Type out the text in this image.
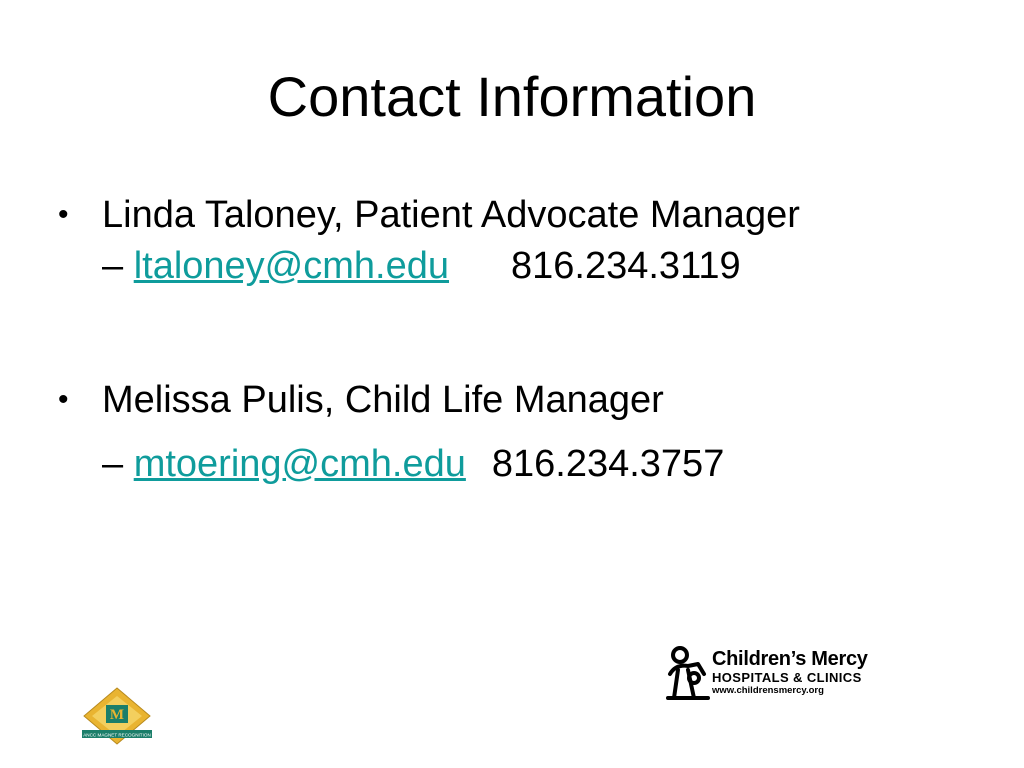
Contact Information
• Linda Taloney, Patient Advocate Manager
– ltaloney@cmh.edu 816.234.3119
• Melissa Pulis, Child Life Manager
– mtoering@cmh.edu 816.234.3757
Children’s Mercy
HOSPITALS & CLINICS
www.childrensmercy.org
M
ANCC MAGNET RECOGNITION
